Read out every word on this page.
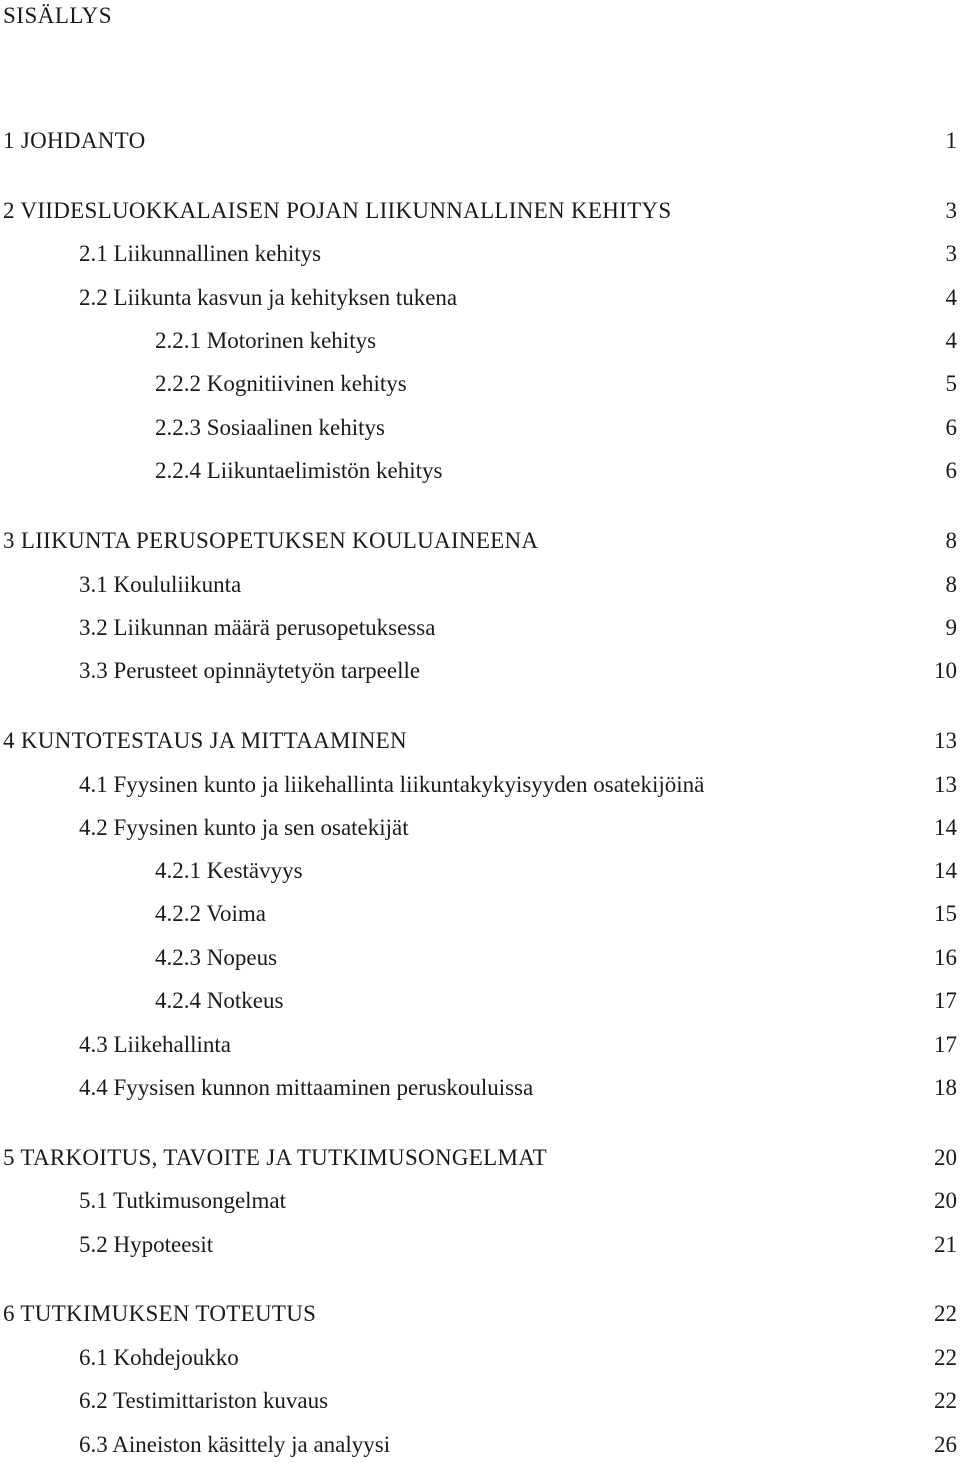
SISÄLLYS
1 JOHDANTO	1
2 VIIDESLUOKKALAISEN POJAN LIIKUNNALLINEN KEHITYS	3
2.1 Liikunnallinen kehitys	3
2.2 Liikunta kasvun ja kehityksen tukena	4
2.2.1 Motorinen kehitys	4
2.2.2 Kognitiivinen kehitys	5
2.2.3 Sosiaalinen kehitys	6
2.2.4 Liikuntaelimistön kehitys	6
3 LIIKUNTA PERUSOPETUKSEN KOULUAINEENA	8
3.1 Koululiikunta	8
3.2 Liikunnan määrä perusopetuksessa	9
3.3 Perusteet opinnäytetyön tarpeelle	10
4 KUNTOTESTAUS JA MITTAAMINEN	13
4.1 Fyysinen kunto ja liikehallinta liikuntakykyisyyden osatekijöinä	13
4.2 Fyysinen kunto ja sen osatekijät	14
4.2.1 Kestävyys	14
4.2.2 Voima	15
4.2.3 Nopeus	16
4.2.4 Notkeus	17
4.3 Liikehallinta	17
4.4 Fyysisen kunnon mittaaminen peruskouluissa	18
5 TARKOITUS, TAVOITE JA TUTKIMUSONGELMAT	20
5.1 Tutkimusongelmat	20
5.2 Hypoteesit	21
6 TUTKIMUKSEN TOTEUTUS	22
6.1 Kohdejoukko	22
6.2 Testimittariston kuvaus	22
6.3 Aineiston käsittely ja analyysi	26
